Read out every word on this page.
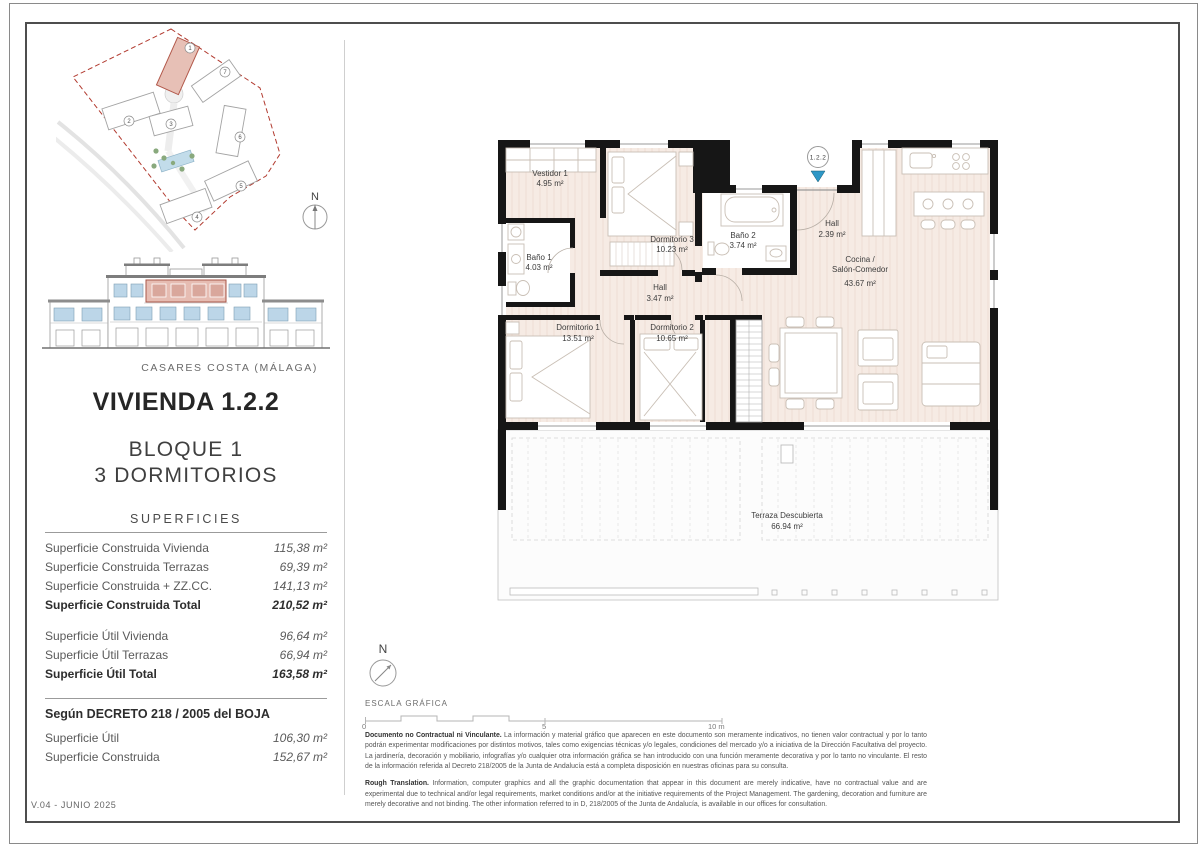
1
2	3
4
5
6
7
N
CASARES COSTA (MÁLAGA)
VIVIENDA 1.2.2
BLOQUE 1
3 DORMITORIOS
SUPERFICIES
Superficie Construida Vivienda	115,38 m²
Superficie Construida Terrazas	69,39 m²
Superficie Construida + ZZ.CC.	141,13 m²
Superficie Construida Total	210,52 m²
Superficie Útil Vivienda	96,64 m²
Superficie Útil Terrazas	66,94 m²
Superficie Útil Total	163,58 m²
Según DECRETO 218 / 2005 del BOJA
Superficie Útil	106,30 m²
Superficie Construida	152,67 m²
Vestidor 1
4.95 m²
Dormitorio 3
10.23 m²
Baño 1
4.03 m²
Baño 2
3.74 m²
Hall
2.39 m²
Hall
3.47 m²
Dormitorio 1
13.51 m²
Dormitorio 2
10.65 m²
Cocina /
Salón-Comedor
43.67 m²
Terraza Descubierta
66.94 m²
1.2.2
N
ESCALA GRÁFICA
0	5	10 m

Documento no Contractual ni Vinculante. La información y material gráfico que aparecen en este documento son meramente indicativos, no tienen valor contractual y por lo tanto podrán experimentar modificaciones por distintos motivos, tales como exigencias técnicas y/o legales, condiciones del mercado y/o a iniciativa de la Dirección Facultativa del proyecto. La jardinería, decoración y mobiliario, infografías y/o cualquier otra información gráfica se han introducido con una función meramente decorativa y por lo tanto no vinculante. El resto de la información referida al Decreto 218/2005 de la Junta de Andalucía está a completa disposición en nuestras oficinas para su consulta.

Rough Translation. Information, computer graphics and all the graphic documentation that appear in this document are merely indicative, have no contractual value and are experimental due to technical and/or legal requirements, market conditions and/or at the initiative requirements of the Project Management. The gardening, decoration and furniture are merely decorative and not binding. The other information referred to in D, 218/2005 of the Junta de Andalucía, is available in our offices for consultation.

V.04 - JUNIO 2025
